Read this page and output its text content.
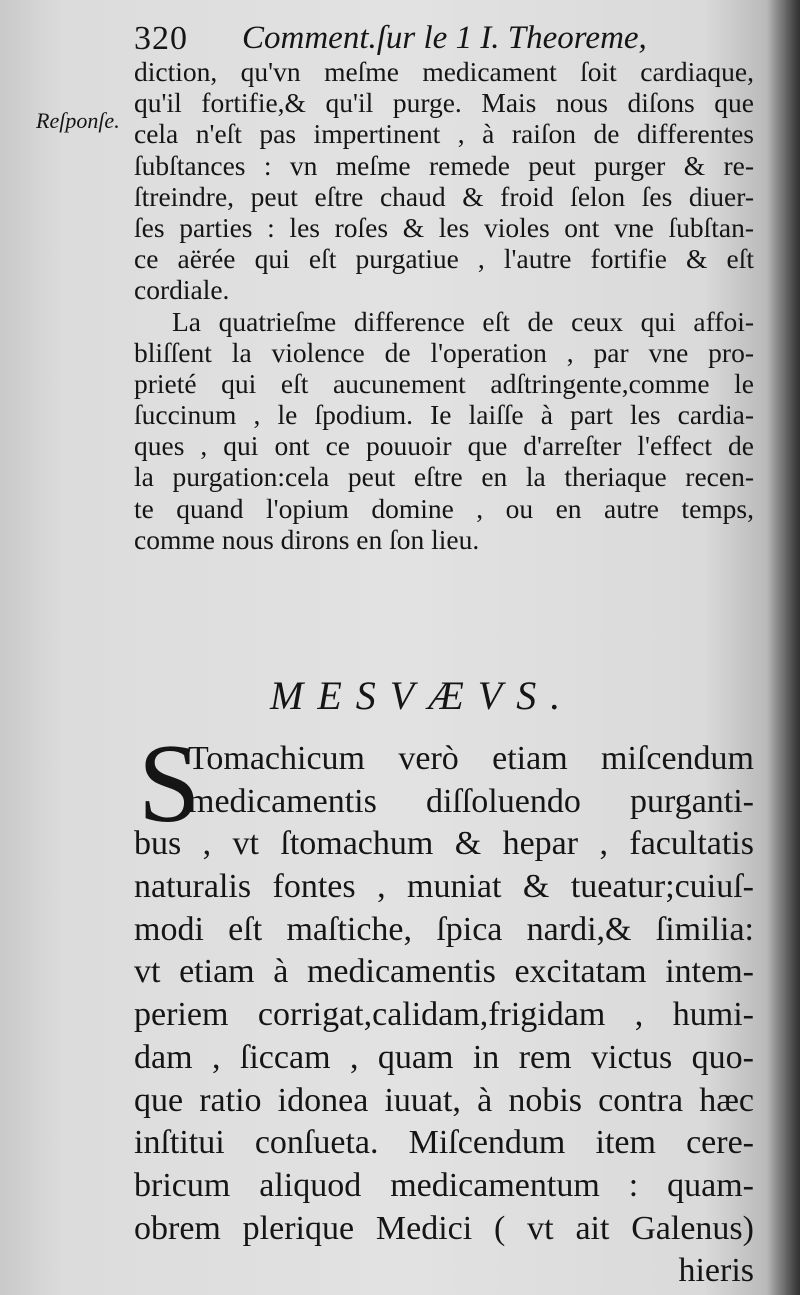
320 Comment.ſur le 1 I. Theoreme,
Reſponſe.
diction, qu'vn meſme medicament ſoit cardiaque,
qu'il fortifie,& qu'il purge. Mais nous diſons que
cela n'eſt pas impertinent , à raiſon de differentes
ſubſtances : vn meſme remede peut purger & re-
ſtreindre, peut eſtre chaud & froid ſelon ſes diuer-
ſes parties : les roſes & les violes ont vne ſubſtan-
ce aërée qui eſt purgatiue , l'autre fortifie & eſt
cordiale.
La quatrieſme difference eſt de ceux qui affoi-
bliſſent la violence de l'operation , par vne pro-
prieté qui eſt aucunement adſtringente,comme le
ſuccinum , le ſpodium. Ie laiſſe à part les cardia-
ques , qui ont ce pouuoir que d'arreſter l'effect de
la purgation:cela peut eſtre en la theriaque recen-
te quand l'opium domine , ou en autre temps,
comme nous dirons en ſon lieu.
MESVÆVS.
S
Tomachicum verò etiam miſcendum
medicamentis diſſoluendo purganti-
bus , vt ſtomachum & hepar , facultatis
naturalis fontes , muniat & tueatur;cuiuſ-
modi eſt maſtiche, ſpica nardi,& ſimilia:
vt etiam à medicamentis excitatam intem-
periem corrigat,calidam,frigidam , humi-
dam , ſiccam , quam in rem victus quo-
que ratio idonea iuuat, à nobis contra hæc
inſtitui conſueta. Miſcendum item cere-
bricum aliquod medicamentum : quam-
obrem plerique Medici ( vt ait Galenus)
hieris
